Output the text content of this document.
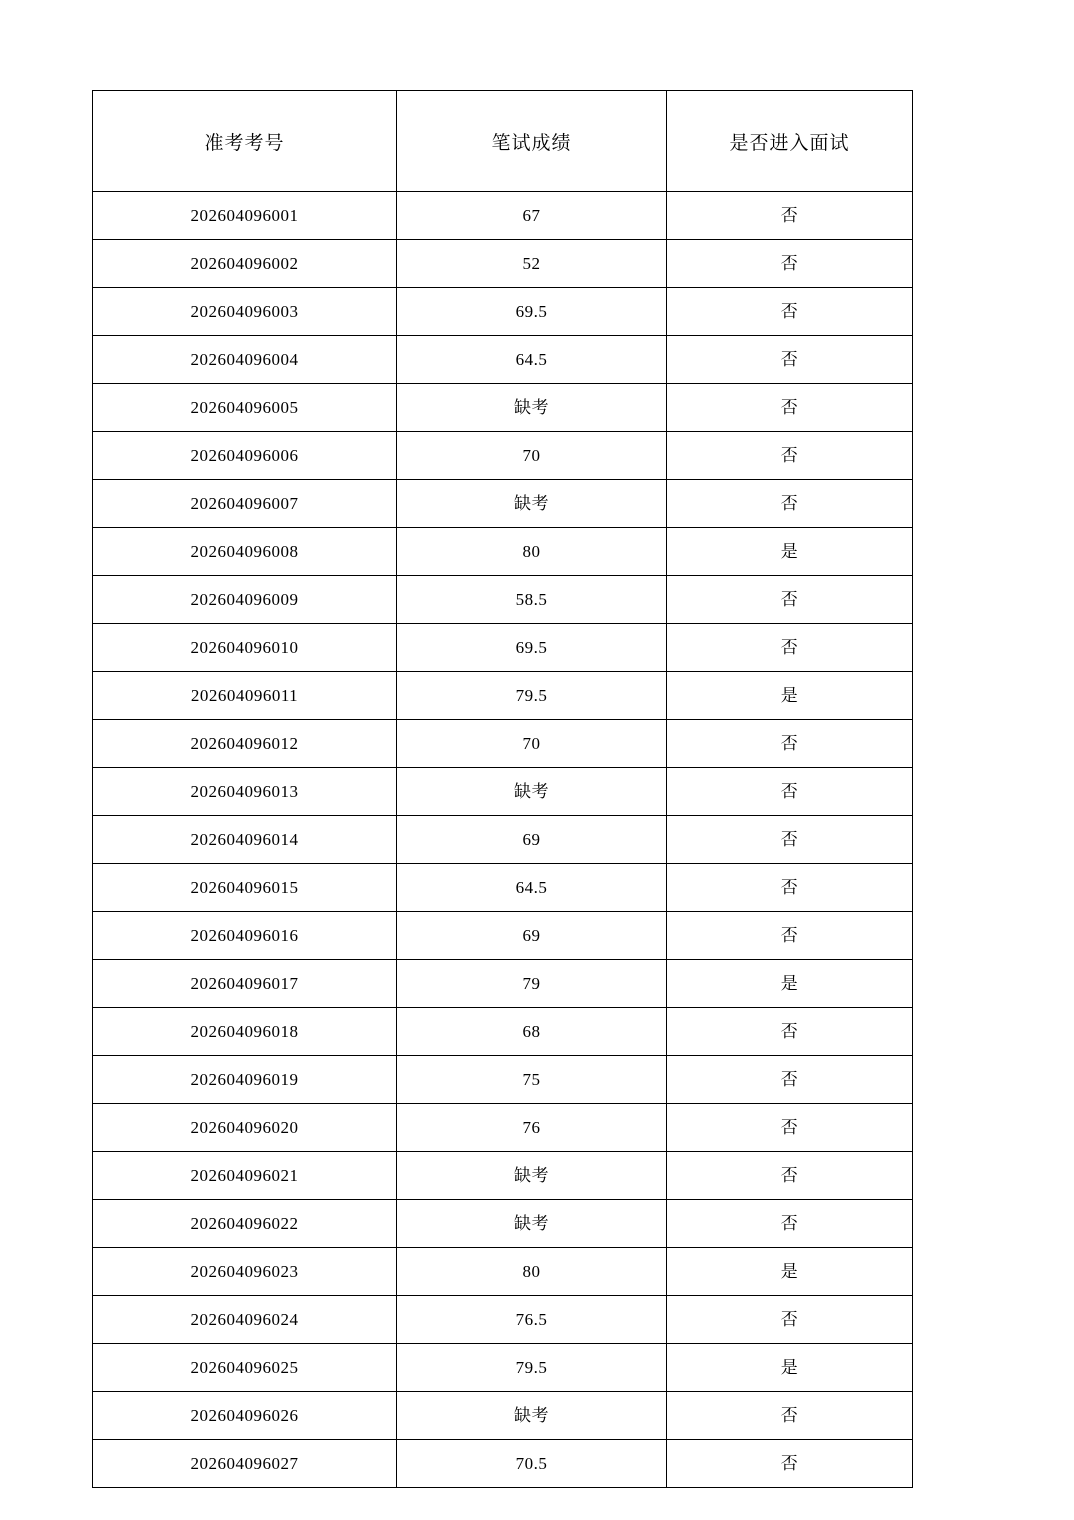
准考考号	笔试成绩	是否进入面试
202604096001	67	否
202604096002	52	否
202604096003	69.5	否
202604096004	64.5	否
202604096005	缺考	否
202604096006	70	否
202604096007	缺考	否
202604096008	80	是
202604096009	58.5	否
202604096010	69.5	否
202604096011	79.5	是
202604096012	70	否
202604096013	缺考	否
202604096014	69	否
202604096015	64.5	否
202604096016	69	否
202604096017	79	是
202604096018	68	否
202604096019	75	否
202604096020	76	否
202604096021	缺考	否
202604096022	缺考	否
202604096023	80	是
202604096024	76.5	否
202604096025	79.5	是
202604096026	缺考	否
202604096027	70.5	否
